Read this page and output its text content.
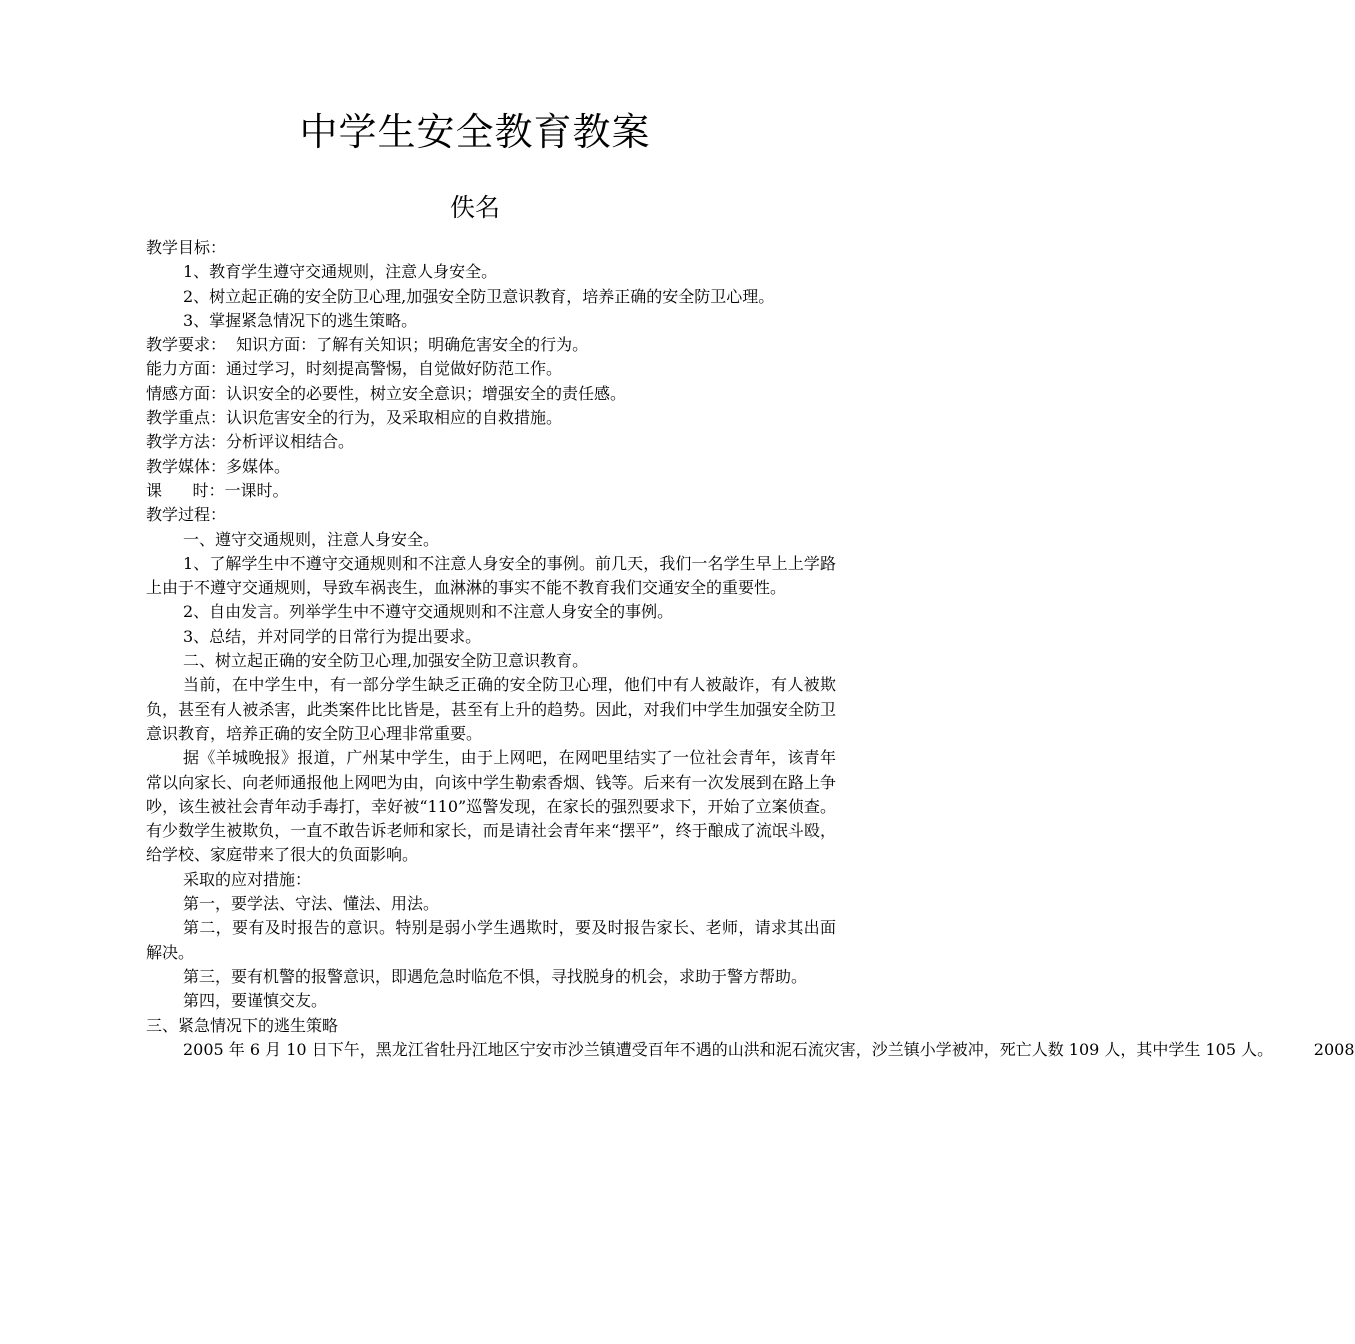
中学生安全教育教案
佚名

教学目标：

1、教育学生遵守交通规则，注意人身安全。

2、树立起正确的安全防卫心理,加强安全防卫意识教育，培养正确的安全防卫心理。

3、掌握紧急情况下的逃生策略。

教学要求：  知识方面：了解有关知识；明确危害安全的行为。

能力方面：通过学习，时刻提高警惕，自觉做好防范工作。

情感方面：认识安全的必要性，树立安全意识；增强安全的责任感。

教学重点：认识危害安全的行为，及采取相应的自救措施。

教学方法：分析评议相结合。

教学媒体：多媒体。

课      时：一课时。

教学过程：

一、遵守交通规则，注意人身安全。

1、了解学生中不遵守交通规则和不注意人身安全的事例。前几天，我们一名学生早上上学路上由于不遵守交通规则，导致车祸丧生，血淋淋的事实不能不教育我们交通安全的重要性。

2、自由发言。列举学生中不遵守交通规则和不注意人身安全的事例。

3、总结，并对同学的日常行为提出要求。

二、树立起正确的安全防卫心理,加强安全防卫意识教育。

当前，在中学生中，有一部分学生缺乏正确的安全防卫心理，他们中有人被敲诈，有人被欺负，甚至有人被杀害，此类案件比比皆是，甚至有上升的趋势。因此，对我们中学生加强安全防卫意识教育，培养正确的安全防卫心理非常重要。

据《羊城晚报》报道，广州某中学生，由于上网吧，在网吧里结实了一位社会青年，该青年常以向家长、向老师通报他上网吧为由，向该中学生勒索香烟、钱等。后来有一次发展到在路上争吵，该生被社会青年动手毒打，幸好被“110”巡警发现，在家长的强烈要求下，开始了立案侦查。有少数学生被欺负，一直不敢告诉老师和家长，而是请社会青年来“摆平”，终于酿成了流氓斗殴，给学校、家庭带来了很大的负面影响。

采取的应对措施：

第一，要学法、守法、懂法、用法。

第二，要有及时报告的意识。特别是弱小学生遇欺时，要及时报告家长、老师，请求其出面解决。

第三，要有机警的报警意识，即遇危急时临危不惧，寻找脱身的机会，求助于警方帮助。

第四，要谨慎交友。

三、紧急情况下的逃生策略

2005 年 6 月 10 日下午，黑龙江省牡丹江地区宁安市沙兰镇遭受百年不遇的山洪和泥石流灾害，沙兰镇小学被冲，死亡人数 109 人，其中学生 105 人。        2008
